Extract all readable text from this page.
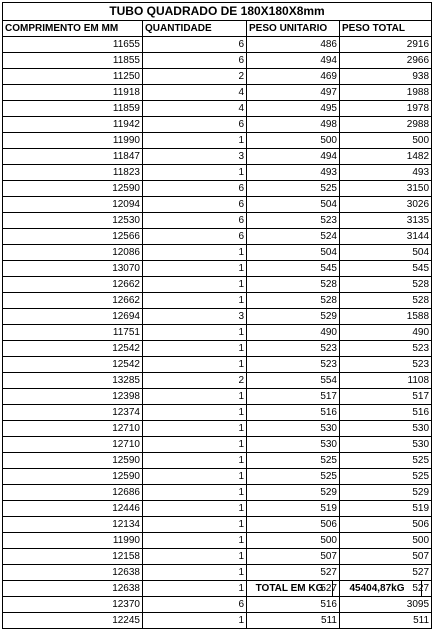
TUBO QUADRADO DE 180X180X8mm			
COMPRIMENTO EM MM	QUANTIDADE	PESO UNITARIO	PESO TOTAL
11655	6	486	2916
11855	6	494	2966
11250	2	469	938
11918	4	497	1988
11859	4	495	1978
11942	6	498	2988
11990	1	500	500
11847	3	494	1482
11823	1	493	493
12590	6	525	3150
12094	6	504	3026
12530	6	523	3135
12566	6	524	3144
12086	1	504	504
13070	1	545	545
12662	1	528	528
12662	1	528	528
12694	3	529	1588
11751	1	490	490
12542	1	523	523
12542	1	523	523
13285	2	554	1108
12398	1	517	517
12374	1	516	516
12710	1	530	530
12710	1	530	530
12590	1	525	525
12590	1	525	525
12686	1	529	529
12446	1	519	519
12134	1	506	506
11990	1	500	500
12158	1	507	507
12638	1	527	527
12638	1	527	527
12370	6	516	3095
12245	1	511	511
TOTAL EM KG	45404,87kG
